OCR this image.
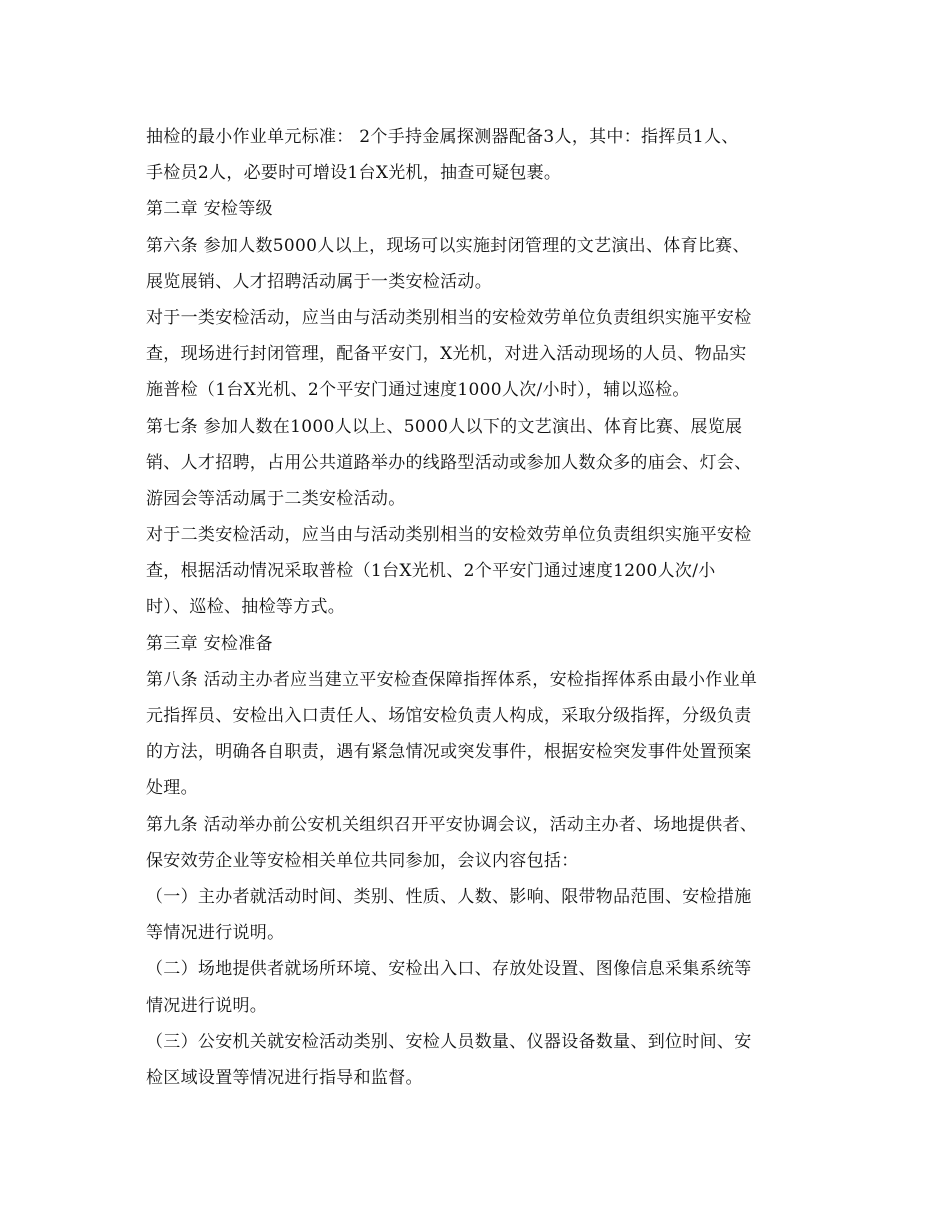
抽检的最小作业单元标准： 2个手持金属探测器配备3人，其中：指挥员1人、
手检员2人，必要时可增设1台X光机，抽查可疑包裹。
第二章 安检等级
第六条 参加人数5000人以上，现场可以实施封闭管理的文艺演出、体育比赛、
展览展销、人才招聘活动属于一类安检活动。
对于一类安检活动，应当由与活动类别相当的安检效劳单位负责组织实施平安检
查，现场进行封闭管理，配备平安门，X光机，对进入活动现场的人员、物品实
施普检（1台X光机、2个平安门通过速度1000人次/小时），辅以巡检。
第七条 参加人数在1000人以上、5000人以下的文艺演出、体育比赛、展览展
销、人才招聘，占用公共道路举办的线路型活动或参加人数众多的庙会、灯会、
游园会等活动属于二类安检活动。
对于二类安检活动，应当由与活动类别相当的安检效劳单位负责组织实施平安检
查，根据活动情况采取普检（1台X光机、2个平安门通过速度1200人次/小
时）、巡检、抽检等方式。
第三章 安检准备
第八条 活动主办者应当建立平安检查保障指挥体系，安检指挥体系由最小作业单
元指挥员、安检出入口责任人、场馆安检负责人构成，采取分级指挥，分级负责
的方法，明确各自职责，遇有紧急情况或突发事件，根据安检突发事件处置预案
处理。
第九条 活动举办前公安机关组织召开平安协调会议，活动主办者、场地提供者、
保安效劳企业等安检相关单位共同参加，会议内容包括：
（一）主办者就活动时间、类别、性质、人数、影响、限带物品范围、安检措施
等情况进行说明。
（二）场地提供者就场所环境、安检出入口、存放处设置、图像信息采集系统等
情况进行说明。
（三）公安机关就安检活动类别、安检人员数量、仪器设备数量、到位时间、安
检区域设置等情况进行指导和监督。
